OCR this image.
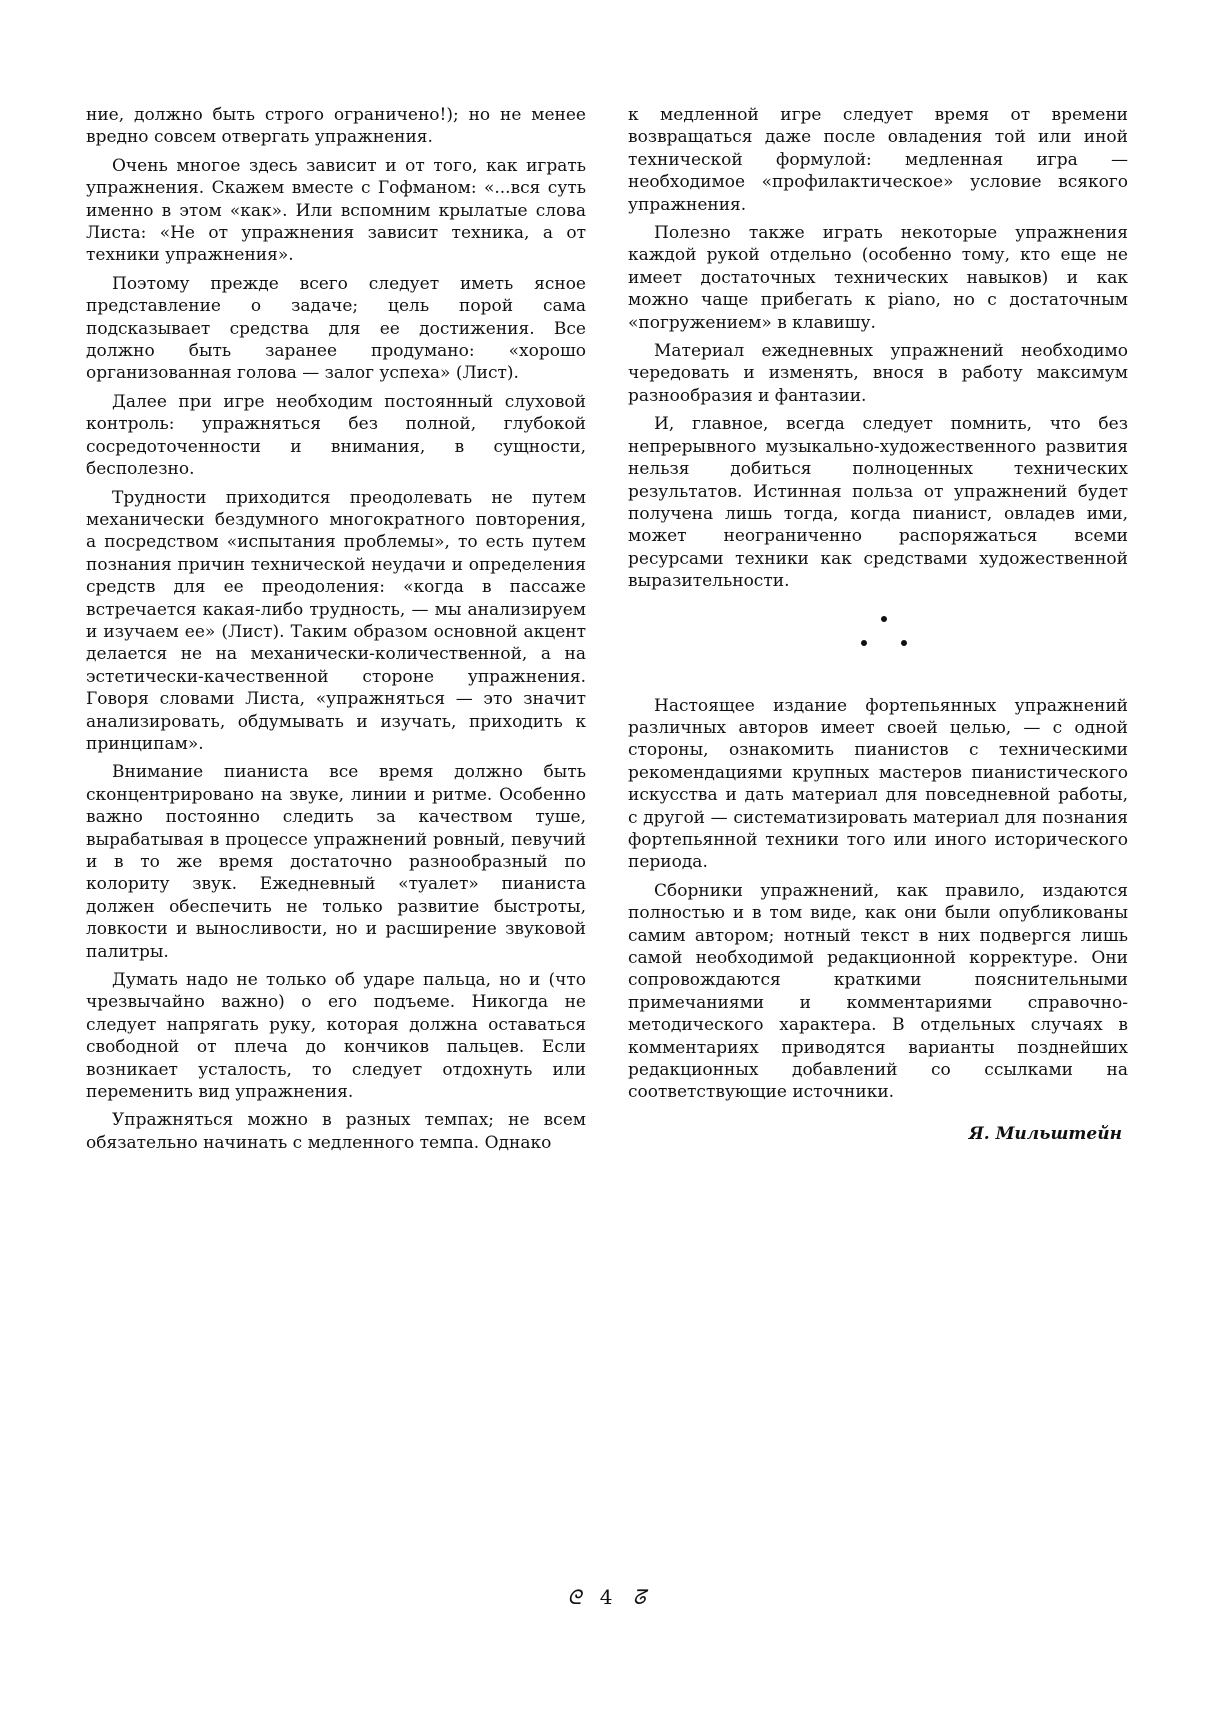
ние, должно быть строго ограничено!); но не менее вредно совсем отвергать упражнения.

Очень многое здесь зависит и от того, как играть упражнения. Скажем вместе с Гофманом: «...вся суть именно в этом «как». Или вспомним крылатые слова Листа: «Не от упражнения зависит техника, а от техники упражнения».

Поэтому прежде всего следует иметь ясное представление о задаче; цель порой сама подсказывает средства для ее достижения. Все должно быть заранее продумано: «хорошо организованная голова — залог успеха» (Лист).

Далее при игре необходим постоянный слуховой контроль: упражняться без полной, глубокой сосредоточенности и внимания, в сущности, бесполезно.

Трудности приходится преодолевать не путем механически бездумного многократного повторения, а посредством «испытания проблемы», то есть путем познания причин технической неудачи и определения средств для ее преодоления: «когда в пассаже встречается какая-либо трудность, — мы анализируем и изучаем ее» (Лист). Таким образом основной акцент делается не на механически-количественной, а на эстетически-качественной стороне упражнения. Говоря словами Листа, «упражняться — это значит анализировать, обдумывать и изучать, приходить к принципам».

Внимание пианиста все время должно быть сконцентрировано на звуке, линии и ритме. Особенно важно постоянно следить за качеством туше, вырабатывая в процессе упражнений ровный, певучий и в то же время достаточно разнообразный по колориту звук. Ежедневный «туалет» пианиста должен обеспечить не только развитие быстроты, ловкости и выносливости, но и расширение звуковой палитры.

Думать надо не только об ударе пальца, но и (что чрезвычайно важно) о его подъеме. Никогда не следует напрягать руку, которая должна оставаться свободной от плеча до кончиков пальцев. Если возникает усталость, то следует отдохнуть или переменить вид упражнения.

Упражняться можно в разных темпах; не всем обязательно начинать с медленного темпа. Однако

к медленной игре следует время от времени возвращаться даже после овладения той или иной технической формулой: медленная игра — необходимое «профилактическое» условие всякого упражнения.

Полезно также играть некоторые упражнения каждой рукой отдельно (особенно тому, кто еще не имеет достаточных технических навыков) и как можно чаще прибегать к piano, но с достаточным «погружением» в клавишу.

Материал ежедневных упражнений необходимо чередовать и изменять, внося в работу максимум разнообразия и фантазии.

И, главное, всегда следует помнить, что без непрерывного музыкально-художественного развития нельзя добиться полноценных технических результатов. Истинная польза от упражнений будет получена лишь тогда, когда пианист, овладев ими, может неограниченно распоряжаться всеми ресурсами техники как средствами художественной выразительности.

Настоящее издание фортепьянных упражнений различных авторов имеет своей целью, — с одной стороны, ознакомить пианистов с техническими рекомендациями крупных мастеров пианистического искусства и дать материал для повседневной работы, с другой — систематизировать материал для познания фортепьянной техники того или иного исторического периода.

Сборники упражнений, как правило, издаются полностью и в том виде, как они были опубликованы самим автором; нотный текст в них подвергся лишь самой необходимой редакционной корректуре. Они сопровождаются краткими пояснительными примечаниями и комментариями справочно-методического характера. В отдельных случаях в комментариях приводятся варианты позднейших редакционных добавлений со ссылками на соответствующие источники.

Я. Мильштейн
ᘓ 4 ᘔ
